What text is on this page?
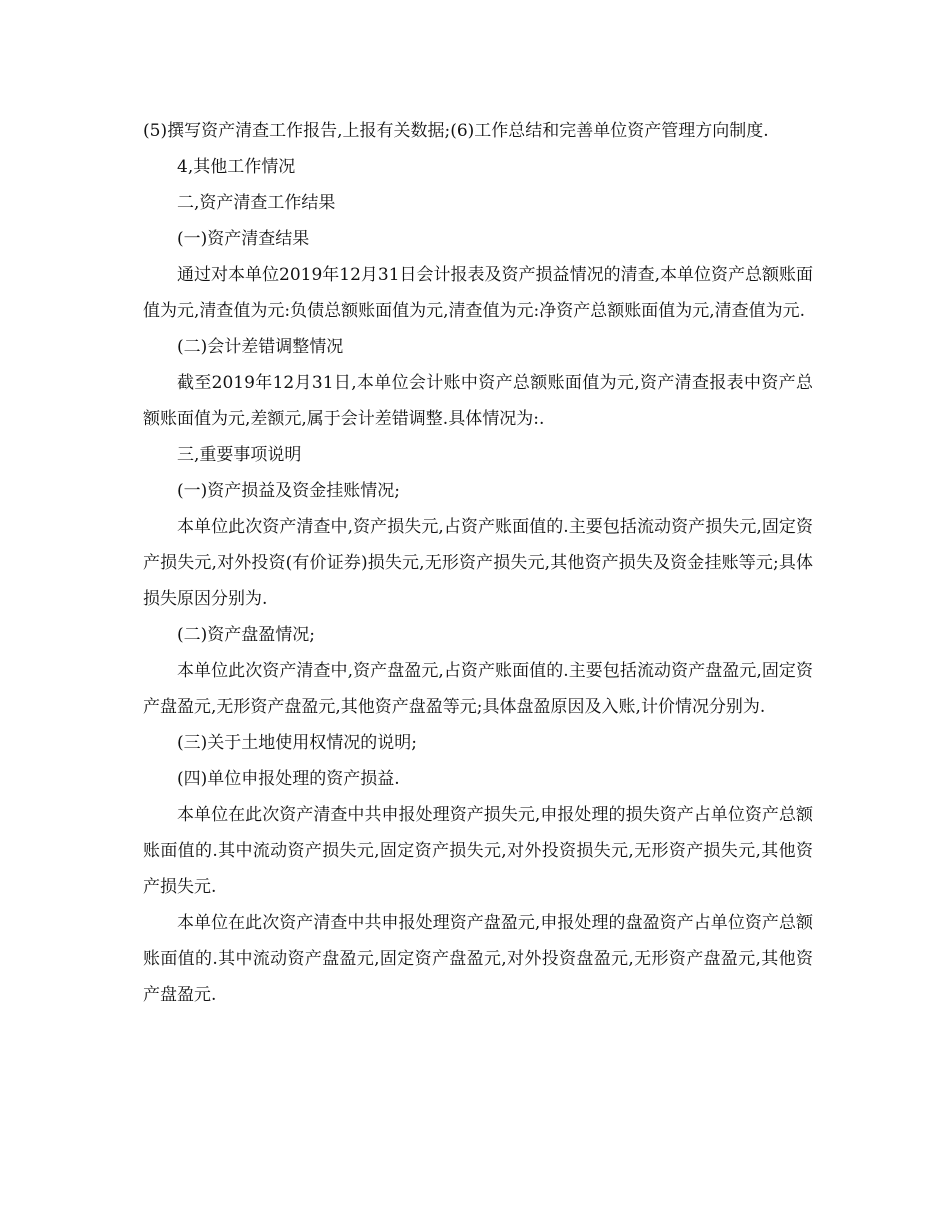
(5)撰写资产清查工作报告,上报有关数据;(6)工作总结和完善单位资产管理方向制度.

4,其他工作情况

二,资产清查工作结果

(一)资产清查结果

通过对本单位2019年12月31日会计报表及资产损益情况的清查,本单位资产总额账面值为元,清查值为元:负债总额账面值为元,清查值为元:净资产总额账面值为元,清查值为元.

(二)会计差错调整情况

截至2019年12月31日,本单位会计账中资产总额账面值为元,资产清查报表中资产总额账面值为元,差额元,属于会计差错调整.具体情况为:.

三,重要事项说明

(一)资产损益及资金挂账情况;

本单位此次资产清查中,资产损失元,占资产账面值的.主要包括流动资产损失元,固定资产损失元,对外投资(有价证券)损失元,无形资产损失元,其他资产损失及资金挂账等元;具体损失原因分别为.

(二)资产盘盈情况;

本单位此次资产清查中,资产盘盈元,占资产账面值的.主要包括流动资产盘盈元,固定资产盘盈元,无形资产盘盈元,其他资产盘盈等元;具体盘盈原因及入账,计价情况分别为.

(三)关于土地使用权情况的说明;

(四)单位申报处理的资产损益.

本单位在此次资产清查中共申报处理资产损失元,申报处理的损失资产占单位资产总额账面值的.其中流动资产损失元,固定资产损失元,对外投资损失元,无形资产损失元,其他资产损失元.

本单位在此次资产清查中共申报处理资产盘盈元,申报处理的盘盈资产占单位资产总额账面值的.其中流动资产盘盈元,固定资产盘盈元,对外投资盘盈元,无形资产盘盈元,其他资产盘盈元.
